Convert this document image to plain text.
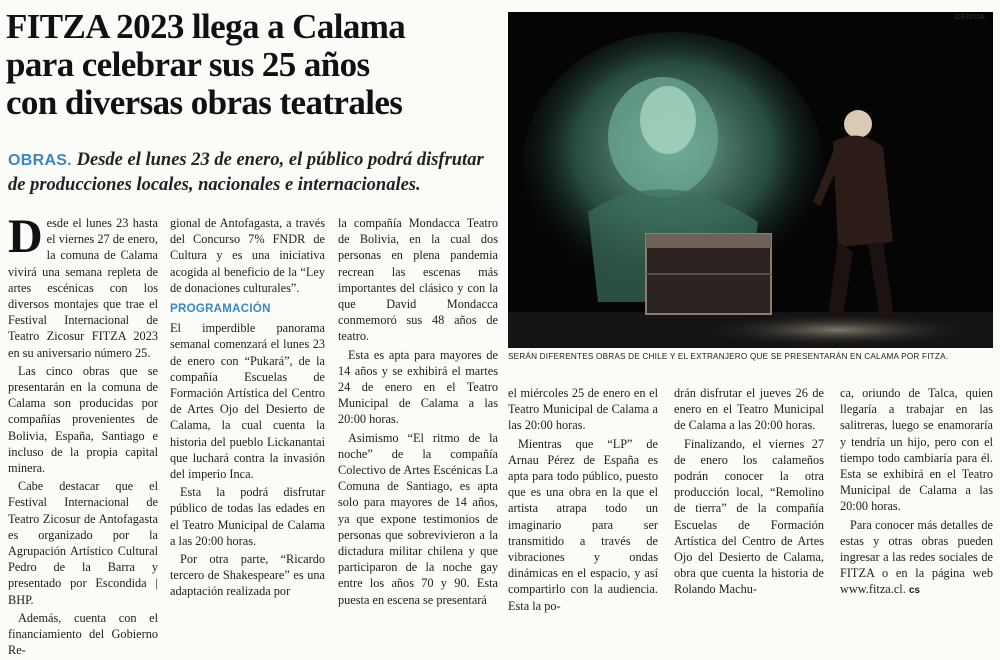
FITZA 2023 llega a Calama
para celebrar sus 25 años
con diversas obras teatrales
OBRAS. Desde el lunes 23 de enero, el público podrá disfrutar de producciones locales, nacionales e internacionales.

Desde el lunes 23 hasta el viernes 27 de enero, la comuna de Calama vivirá una semana repleta de artes escénicas con los diversos montajes que trae el Festival Internacional de Teatro Zicosur FITZA 2023 en su aniversario número 25.

Las cinco obras que se presentarán en la comuna de Calama son producidas por compañías provenientes de Bolivia, España, Santiago e incluso de la propia capital minera.

Cabe destacar que el Festival Internacional de Teatro Zicosur de Antofagasta es organizado por la Agrupación Artístico Cultural Pedro de la Barra y presentado por Escondida | BHP.

Además, cuenta con el financiamiento del Gobierno Re-

gional de Antofagasta, a través del Concurso 7% FNDR de Cultura y es una iniciativa acogida al beneficio de la “Ley de donaciones culturales”.

PROGRAMACIÓN

El imperdible panorama semanal comenzará el lunes 23 de enero con “Pukará”, de la compañía Escuelas de Formación Artística del Centro de Artes Ojo del Desierto de Calama, la cual cuenta la historia del pueblo Lickanantai que luchará contra la invasión del imperio Inca.

Esta la podrá disfrutar público de todas las edades en el Teatro Municipal de Calama a las 20:00 horas.

Por otra parte, “Ricardo tercero de Shakespeare” es una adaptación realizada por

la compañía Mondacca Teatro de Bolivia, en la cual dos personas en plena pandemia recrean las escenas más importantes del clásico y con la que David Mondacca conmemoró sus 48 años de teatro.

Esta es apta para mayores de 14 años y se exhibirá el martes 24 de enero en el Teatro Municipal de Calama a las 20:00 horas.

Asimismo “El ritmo de la noche” de la compañía Colectivo de Artes Escénicas La Comuna de Santiago, es apta solo para mayores de 14 años, ya que expone testimonios de personas que sobrevivieron a la dictadura militar chilena y que participaron de la noche gay entre los años 70 y 90. Esta puesta en escena se presentará

CEDIDA
SERÁN DIFERENTES OBRAS DE CHILE Y EL EXTRANJERO QUE SE PRESENTARÁN EN CALAMA POR FITZA.

el miércoles 25 de enero en el Teatro Municipal de Calama a las 20:00 horas.

Mientras que “LP” de Arnau Pérez de España es apta para todo público, puesto que es una obra en la que el artista atrapa todo un imaginario para ser transmitido a través de vibraciones y ondas dinámicas en el espacio, y así compartirlo con la audiencia. Esta la po-

drán disfrutar el jueves 26 de enero en el Teatro Municipal de Calama a las 20:00 horas.

Finalizando, el viernes 27 de enero los calameños podrán conocer la otra producción local, “Remolino de tierra” de la compañía Escuelas de Formación Artística del Centro de Artes Ojo del Desierto de Calama, obra que cuenta la historia de Rolando Machu-

ca, oriundo de Talca, quien llegaría a trabajar en las salitreras, luego se enamoraría y tendría un hijo, pero con el tiempo todo cambiaría para él. Esta se exhibirá en el Teatro Municipal de Calama a las 20:00 horas.

Para conocer más detalles de estas y otras obras pueden ingresar a las redes sociales de FITZA o en la página web www.fitza.cl. cs
